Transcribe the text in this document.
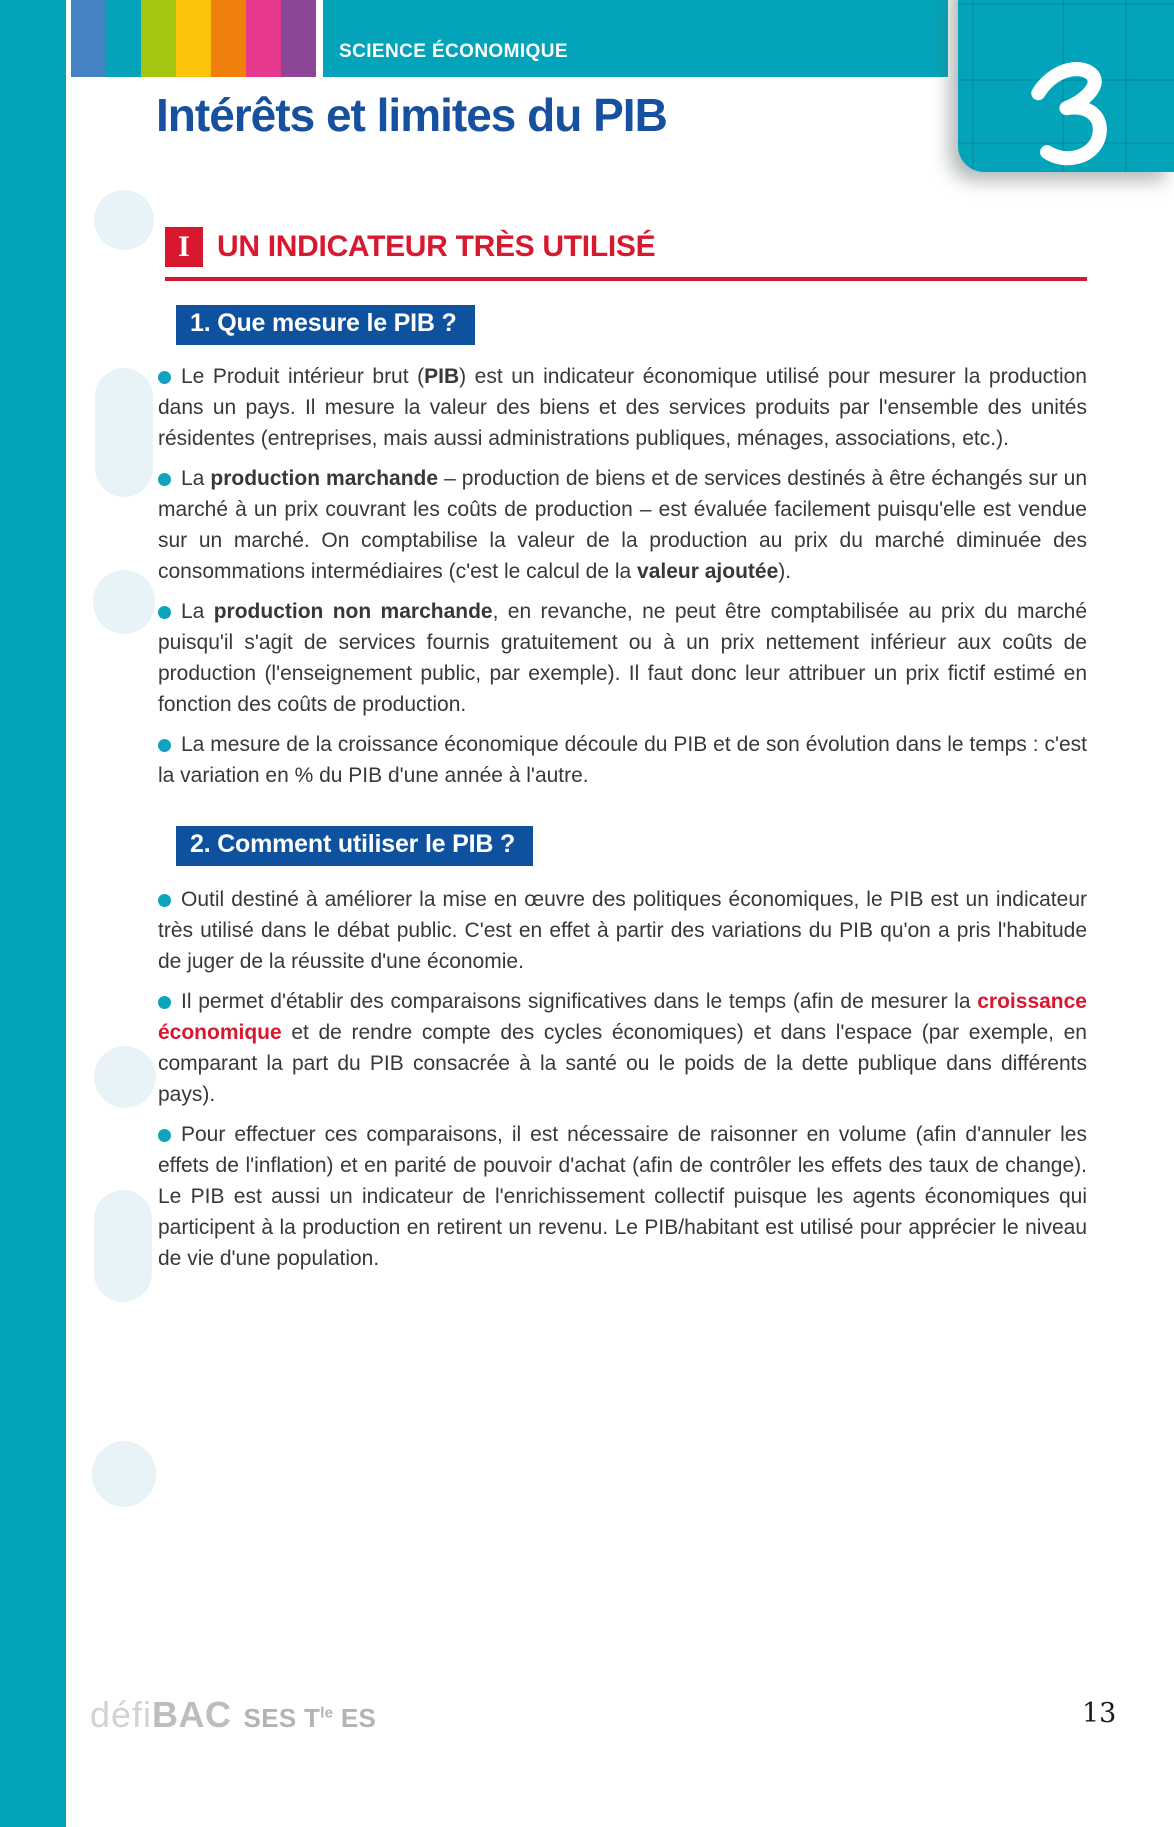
SCIENCE ÉCONOMIQUE
Intérêts et limites du PIB
I UN INDICATEUR TRÈS UTILISÉ
1. Que mesure le PIB ?

Le Produit intérieur brut (PIB) est un indicateur économique utilisé pour mesurer la production dans un pays. Il mesure la valeur des biens et des services produits par l'ensemble des unités résidentes (entreprises, mais aussi administrations publiques, ménages, associations, etc.).

La production marchande – production de biens et de services destinés à être échangés sur un marché à un prix couvrant les coûts de production – est évaluée facilement puisqu'elle est vendue sur un marché. On comptabilise la valeur de la production au prix du marché diminuée des consommations intermédiaires (c'est le calcul de la valeur ajoutée).

La production non marchande, en revanche, ne peut être comptabilisée au prix du marché puisqu'il s'agit de services fournis gratuitement ou à un prix nettement inférieur aux coûts de production (l'enseignement public, par exemple). Il faut donc leur attribuer un prix fictif estimé en fonction des coûts de production.

La mesure de la croissance économique découle du PIB et de son évolution dans le temps : c'est la variation en % du PIB d'une année à l'autre.

2. Comment utiliser le PIB ?

Outil destiné à améliorer la mise en œuvre des politiques économiques, le PIB est un indicateur très utilisé dans le débat public. C'est en effet à partir des variations du PIB qu'on a pris l'habitude de juger de la réussite d'une économie.

Il permet d'établir des comparaisons significatives dans le temps (afin de mesurer la croissance économique et de rendre compte des cycles économiques) et dans l'espace (par exemple, en comparant la part du PIB consacrée à la santé ou le poids de la dette publique dans différents pays).

Pour effectuer ces comparaisons, il est nécessaire de raisonner en volume (afin d'annuler les effets de l'inflation) et en parité de pouvoir d'achat (afin de contrôler les effets des taux de change). Le PIB est aussi un indicateur de l'enrichissement collectif puisque les agents économiques qui participent à la production en retirent un revenu. Le PIB/habitant est utilisé pour apprécier le niveau de vie d'une population.

défi BAC SES $T^{le}$ ES	13
